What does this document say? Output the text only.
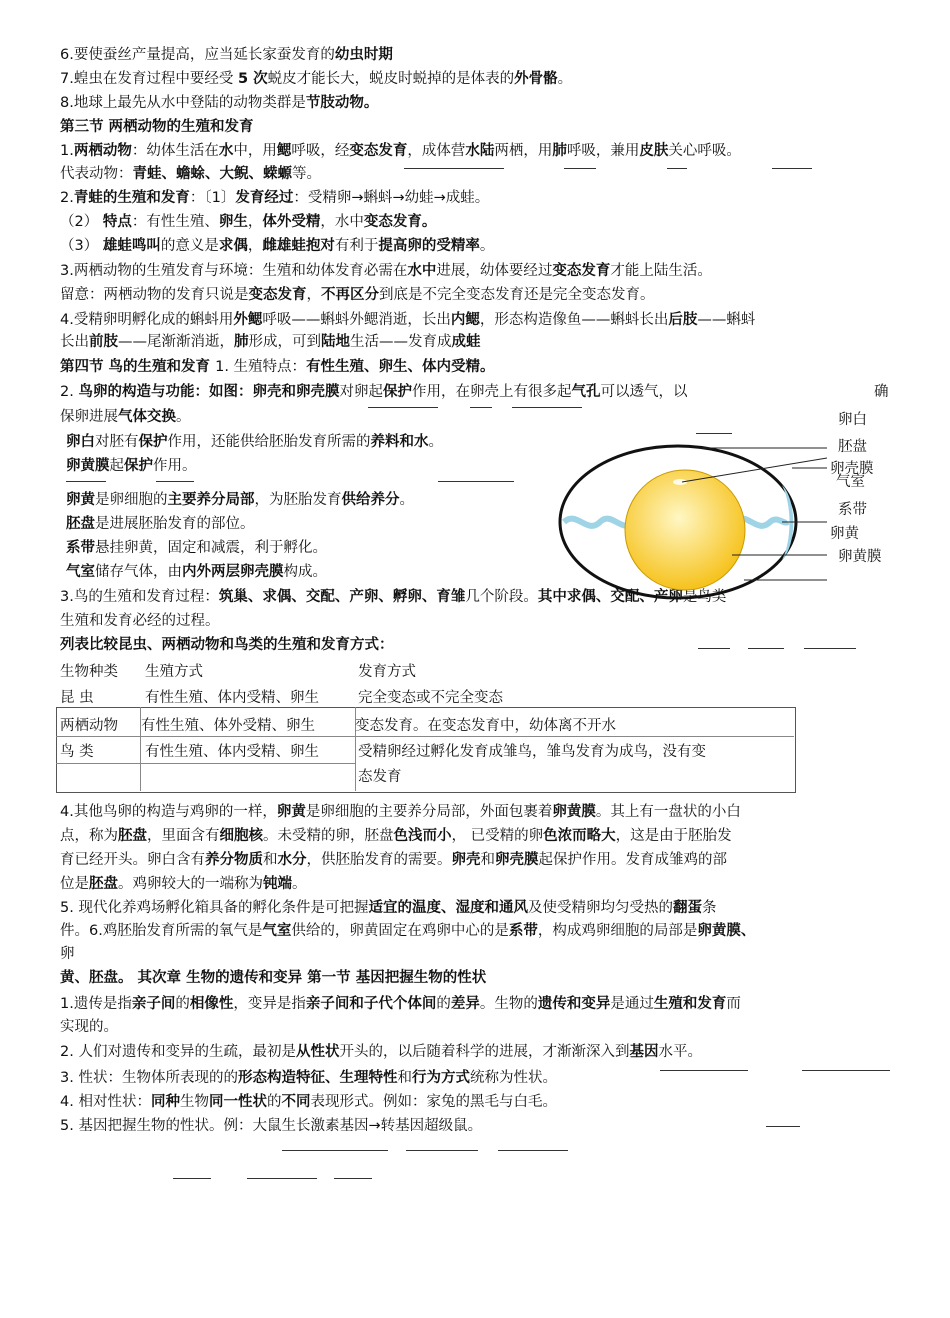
6.要使蚕丝产量提高，应当延长家蚕发育的幼虫时期
7.蝗虫在发育过程中要经受 5 次蜕皮才能长大，蜕皮时蜕掉的是体表的外骨骼。
8.地球上最先从水中登陆的动物类群是节肢动物。
第三节 两栖动物的生殖和发育
1.两栖动物：幼体生活在水中，用鳃呼吸，经变态发育，成体营水陆两栖，用肺呼吸，兼用皮肤关心呼吸。
代表动物：青蛙、蟾蜍、大鲵、蝾螈等。
2.青蛙的生殖和发育：〔1〕发育经过：受精卵→蝌蚪→幼蛙→成蛙。
（2） 特点：有性生殖、卵生，体外受精，水中变态发育。
（3） 雄蛙鸣叫的意义是求偶，雌雄蛙抱对有利于提高卵的受精率。
3.两栖动物的生殖发育与环境：生殖和幼体发育必需在水中进展，幼体要经过变态发育才能上陆生活。
留意：两栖动物的发育只说是变态发育，不再区分到底是不完全变态发育还是完全变态发育。
4.受精卵明孵化成的蝌蚪用外鳃呼吸——蝌蚪外鳃消逝，长出内鳃，形态构造像鱼——蝌蚪长出后肢——蝌蚪
长出前肢——尾渐渐消逝，肺形成，可到陆地生活——发育成成蛙
第四节 鸟的生殖和发育 1. 生殖特点：有性生殖、卵生、体内受精。
2. 鸟卵的构造与功能：如图：卵壳和卵壳膜对卵起保护作用，在卵壳上有很多起气孔可以透气，以	确
保卵进展气体交换。
卵白对胚有保护作用，还能供给胚胎发育所需的养料和水。
卵黄膜起保护作用。
卵黄是卵细胞的主要养分局部，为胚胎发育供给养分。
胚盘是进展胚胎发育的部位。
系带悬挂卵黄，固定和减震，利于孵化。
气室储存气体，由内外两层卵壳膜构成。
3.鸟的生殖和发育过程：筑巢、求偶、交配、产卵、孵卵、育雏几个阶段。其中求偶、交配、产卵是鸟类
生殖和发育必经的过程。
列表比较昆虫、两栖动物和鸟类的生殖和发育方式：
卵白
胚盘
卵壳膜
气室
系带
卵黄
卵黄膜
生物种类 生殖方式	发育方式
昆 虫	有性生殖、体内受精、卵生	完全变态或不完全变态
两栖动物 有性生殖、体外受精、卵生	变态发育。在变态发育中，幼体离不开水
鸟 类	有性生殖、体内受精、卵生	受精卵经过孵化发育成雏鸟，雏鸟发育为成鸟，没有变
态发育
4.其他鸟卵的构造与鸡卵的一样，卵黄是卵细胞的主要养分局部，外面包裹着卵黄膜。其上有一盘状的小白
点，称为胚盘，里面含有细胞核。未受精的卵，胚盘色浅而小， 已受精的卵色浓而略大，这是由于胚胎发
育已经开头。卵白含有养分物质和水分，供胚胎发育的需要。卵壳和卵壳膜起保护作用。发育成雏鸡的部
位是胚盘。鸡卵较大的一端称为钝端。
5. 现代化养鸡场孵化箱具备的孵化条件是可把握适宜的温度、湿度和通风及使受精卵均匀受热的翻蛋条
件。6.鸡胚胎发育所需的氧气是气室供给的，卵黄固定在鸡卵中心的是系带，构成鸡卵细胞的局部是卵黄膜、
卵
黄、胚盘。 其次章 生物的遗传和变异 第一节 基因把握生物的性状
1.遗传是指亲子间的相像性，变异是指亲子间和子代个体间的差异。生物的遗传和变异是通过生殖和发育而
实现的。
2. 人们对遗传和变异的生疏，最初是从性状开头的，以后随着科学的进展，才渐渐深入到基因水平。
3. 性状：生物体所表现的的形态构造特征、生理特性和行为方式统称为性状。
4. 相对性状：同种生物同一性状的不同表现形式。例如：家兔的黑毛与白毛。
5. 基因把握生物的性状。例：大鼠生长激素基因→转基因超级鼠。
